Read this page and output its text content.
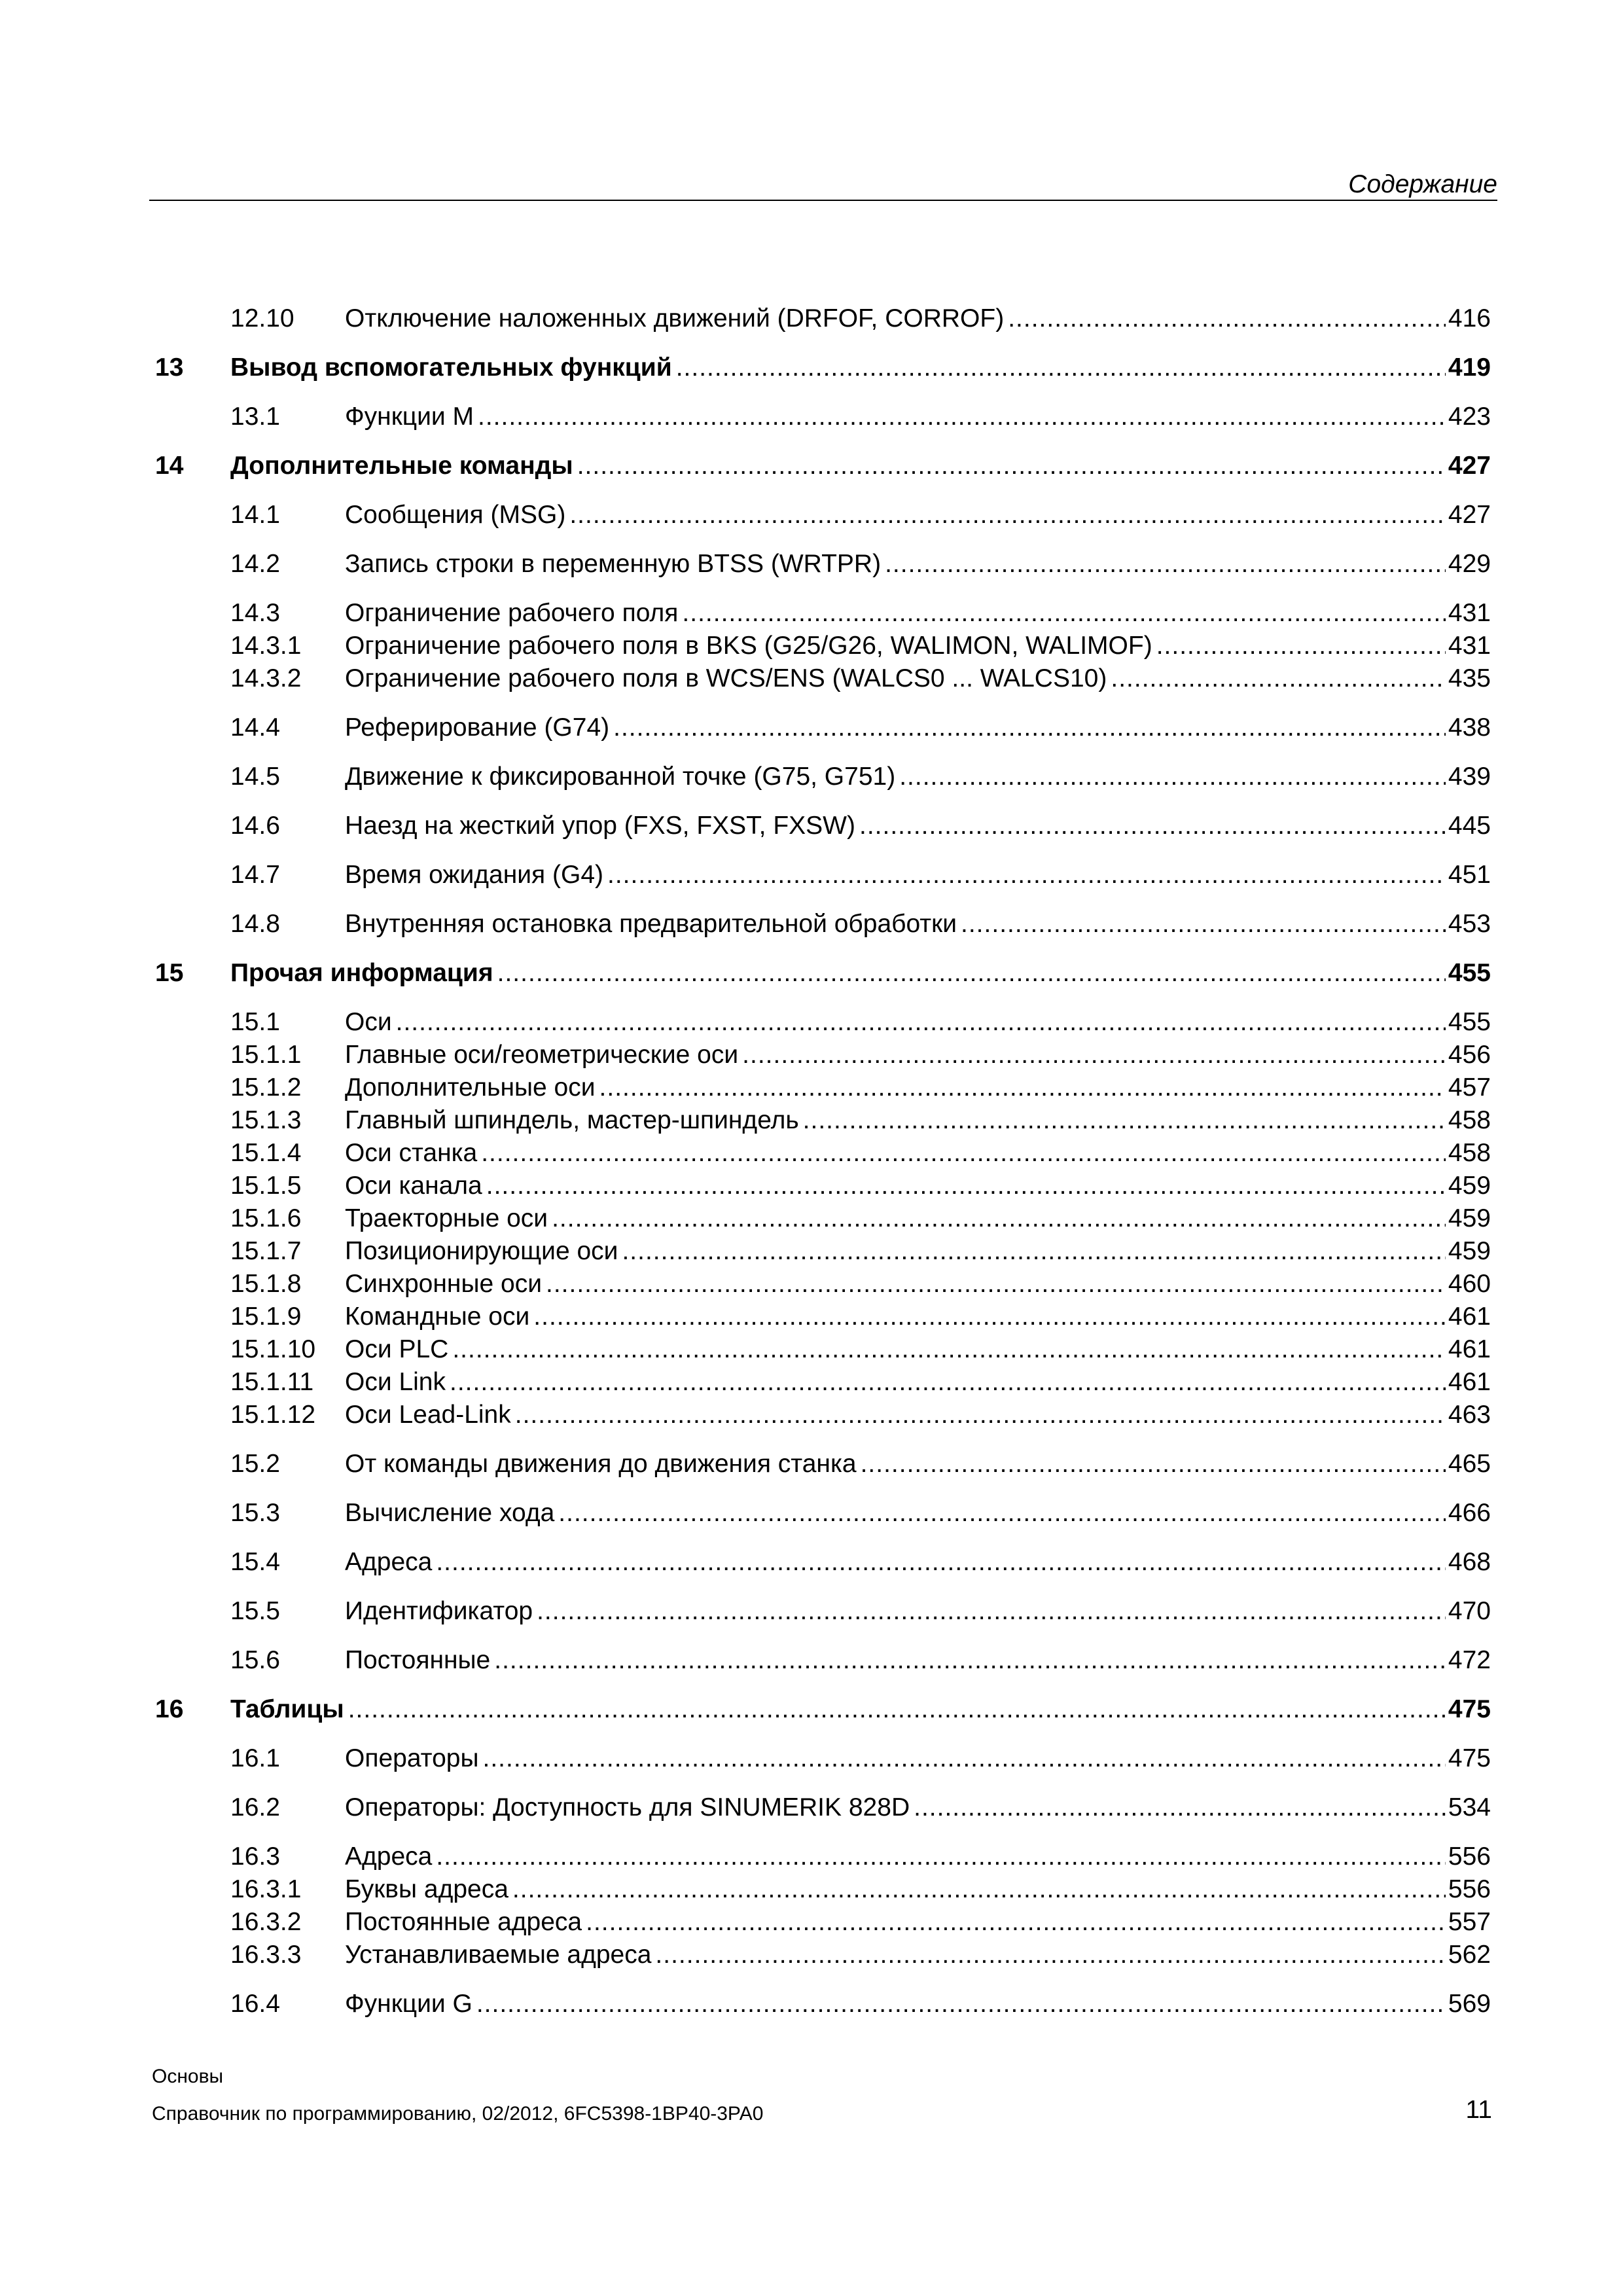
Содержание
12.10 Отключение наложенных движений (DRFOF, CORROF) .....	416
13 Вывод вспомогательных функций .....	419
13.1	Функции M .....	423
14 Дополнительные команды .....	427
14.1	Сообщения (MSG) .....	427
14.2	Запись строки в переменную BTSS (WRTPR) .....	429
14.3	Ограничение рабочего поля .....	431
14.3.1 Ограничение рабочего поля в BKS (G25/G26, WALIMON, WALIMOF) .....	431
14.3.2 Ограничение рабочего поля в WCS/ENS (WALCS0 ... WALCS10) .....	435
14.4	Реферирование (G74) .....	438
14.5	Движение к фиксированной точке (G75, G751) .....	439
14.6	Наезд на жесткий упор (FXS, FXST, FXSW) .....	445
14.7	Время ожидания (G4) .....	451
14.8	Внутренняя остановка предварительной обработки .....	453
15 Прочая информация .....	455
15.1	Оси .....	455
15.1.1 Главные оси/геометрические оси .....	456
15.1.2 Дополнительные оси .....	457
15.1.3 Главный шпиндель, мастер-шпиндель .....	458
15.1.4 Оси станка .....	458
15.1.5 Оси канала .....	459
15.1.6 Траекторные оси .....	459
15.1.7 Позиционирующие оси .....	459
15.1.8 Синхронные оси .....	460
15.1.9 Командные оси .....	461
15.1.10 Оси PLC .....	461
15.1.11 Оси Link .....	461
15.1.12 Оси Lead-Link .....	463
15.2	От команды движения до движения станка .....	465
15.3	Вычисление хода .....	466
15.4	Адреса .....	468
15.5	Идентификатор .....	470
15.6	Постоянные .....	472
16 Таблицы .....	475
16.1	Операторы .....	475
16.2	Операторы: Доступность для SINUMERIK 828D .....	534
16.3	Адреса .....	556
16.3.1 Буквы адреса .....	556
16.3.2 Постоянные адреса .....	557
16.3.3 Устанавливаемые адреса .....	562
16.4	Функции G .....	569
Основы
Справочник по программированию, 02/2012, 6FC5398-1BP40-3PA0	11
